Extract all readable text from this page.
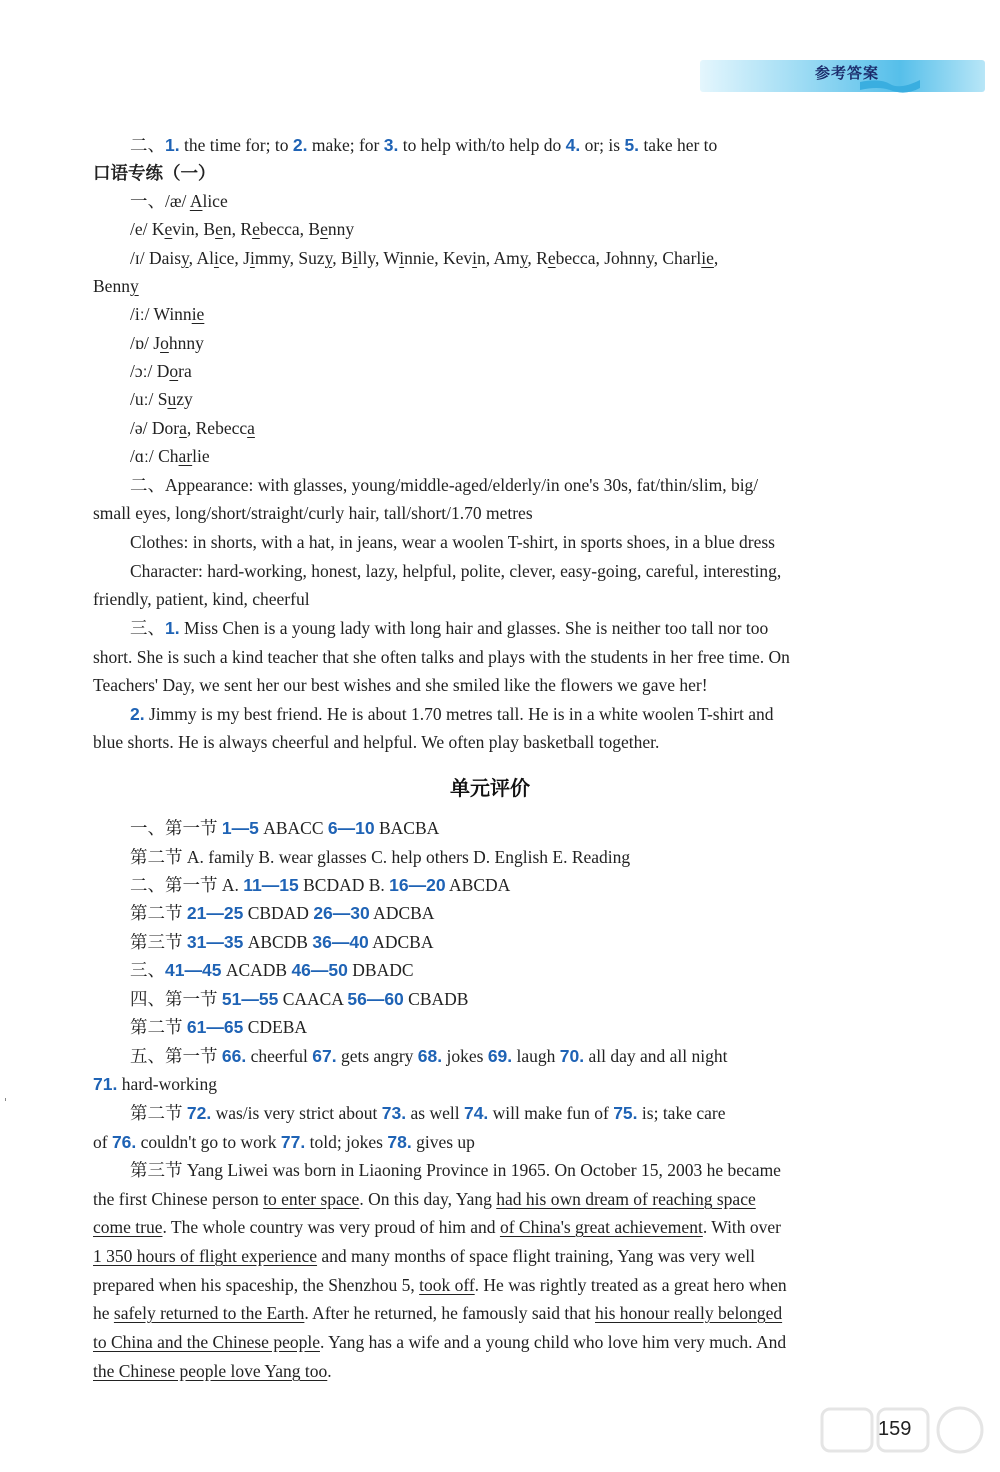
参考答案
二、1. the time for; to 2. make; for 3. to help with/to help do 4. or; is 5. take her to
口语专练（一）
一、/æ/ Alice
/e/ Kevin, Ben, Rebecca, Benny
/ɪ/ Daisy, Alice, Jimmy, Suzy, Billy, Winnie, Kevin, Amy, Rebecca, Johnny, Charlie,
Benny
/iː/ Winnie
/ɒ/ Johnny
/ɔː/ Dora
/uː/ Suzy
/ə/ Dora, Rebecca
/ɑː/ Charlie
二、Appearance: with glasses, young/middle-aged/elderly/in one's 30s, fat/thin/slim, big/
small eyes, long/short/straight/curly hair, tall/short/1.70 metres
Clothes: in shorts, with a hat, in jeans, wear a woolen T-shirt, in sports shoes, in a blue dress
Character: hard-working, honest, lazy, helpful, polite, clever, easy-going, careful, interesting,
friendly, patient, kind, cheerful
三、1. Miss Chen is a young lady with long hair and glasses. She is neither too tall nor too
short. She is such a kind teacher that she often talks and plays with the students in her free time. On
Teachers' Day, we sent her our best wishes and she smiled like the flowers we gave her!
2. Jimmy is my best friend. He is about 1.70 metres tall. He is in a white woolen T-shirt and
blue shorts. He is always cheerful and helpful. We often play basketball together.
一、第一节 1—5 ABACC 6—10 BACBA
第二节 A. family B. wear glasses C. help others D. English E. Reading
二、第一节 A. 11—15 BCDAD B. 16—20 ABCDA
第二节 21—25 CBDAD 26—30 ADCBA
第三节 31—35 ABCDB 36—40 ADCBA
三、41—45 ACADB 46—50 DBADC
四、第一节 51—55 CAACA 56—60 CBADB
第二节 61—65 CDEBA
五、第一节 66. cheerful 67. gets angry 68. jokes 69. laugh 70. all day and all night
71. hard-working
第二节 72. was/is very strict about 73. as well 74. will make fun of 75. is; take care
of 76. couldn't go to work 77. told; jokes 78. gives up
第三节 Yang Liwei was born in Liaoning Province in 1965. On October 15, 2003 he became
the first Chinese person to enter space. On this day, Yang had his own dream of reaching space
come true. The whole country was very proud of him and of China's great achievement. With over
1 350 hours of flight experience and many months of space flight training, Yang was very well
prepared when his spaceship, the Shenzhou 5, took off. He was rightly treated as a great hero when
he safely returned to the Earth. After he returned, he famously said that his honour really belonged
to China and the Chinese people. Yang has a wife and a young child who love him very much. And
the Chinese people love Yang too.
单元评价
159
